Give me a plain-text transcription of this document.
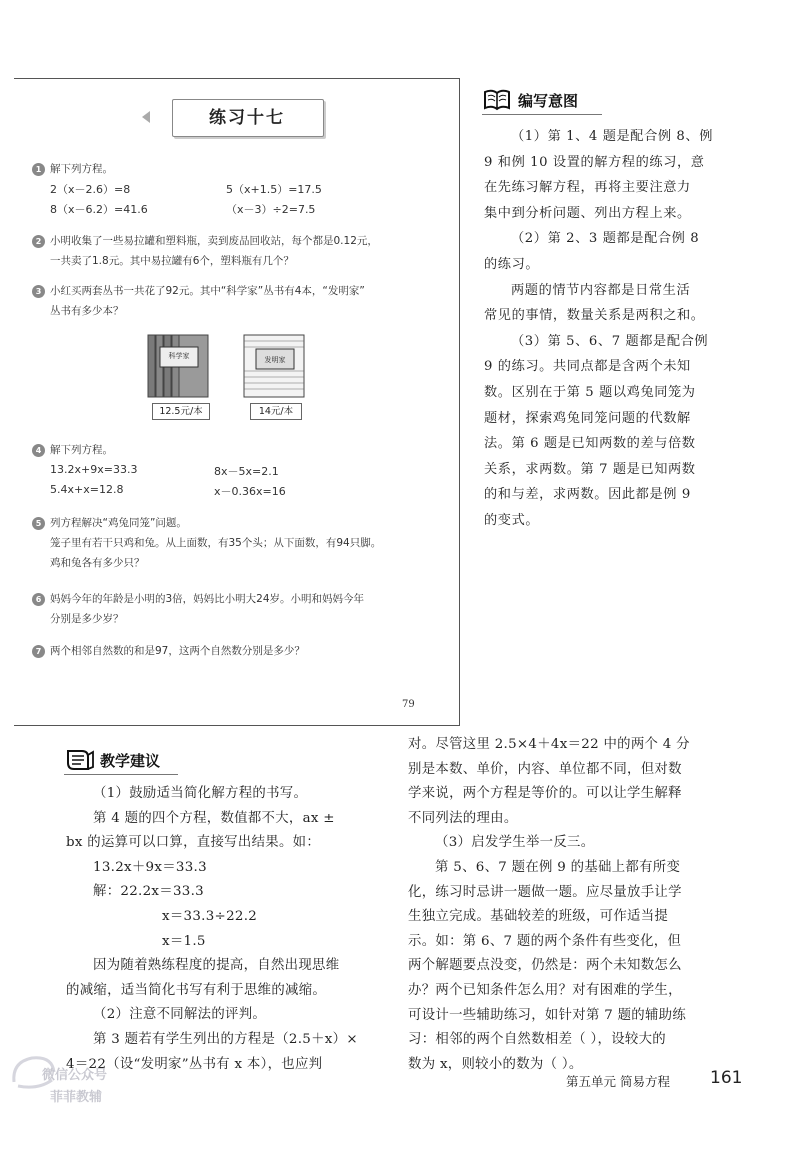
练习十七
1 解下列方程。
2（x－2.6）=8	5（x+1.5）=17.5
8（x－6.2）=41.6	（x－3）÷2=7.5
2 小明收集了一些易拉罐和塑料瓶，卖到废品回收站，每个都是0.12元，
一共卖了1.8元。其中易拉罐有6个，塑料瓶有几个？
3 小红买两套丛书一共花了92元。其中“科学家”丛书有4本，“发明家”
丛书有多少本？
科学家
12.5元/本
发明家
14元/本
4 解下列方程。
13.2x+9x=33.3	8x－5x=2.1
5.4x+x=12.8	x－0.36x=16
5 列方程解决“鸡兔同笼”问题。
笼子里有若干只鸡和兔。从上面数，有35个头；从下面数，有94只脚。
鸡和兔各有多少只？
6 妈妈今年的年龄是小明的3倍，妈妈比小明大24岁。小明和妈妈今年
分别是多少岁？
7 两个相邻自然数的和是97，这两个自然数分别是多少？
79
编写意图
（1）第 1、4 题是配合例 8、例
9 和例 10 设置的解方程的练习，意
在先练习解方程，再将主要注意力
集中到分析问题、列出方程上来。
（2）第 2、3 题都是配合例 8
的练习。
两题的情节内容都是日常生活
常见的事情，数量关系是两积之和。
（3）第 5、6、7 题都是配合例
9 的练习。共同点都是含两个未知
数。区别在于第 5 题以鸡兔同笼为
题材，探索鸡兔同笼问题的代数解
法。第 6 题是已知两数的差与倍数
关系，求两数。第 7 题是已知两数
的和与差，求两数。因此都是例 9
的变式。
教学建议
（1）鼓励适当简化解方程的书写。
第 4 题的四个方程，数值都不大，ax ±
bx 的运算可以口算，直接写出结果。如：
13.2x＋9x＝33.3
解：22.2x＝33.3
x＝33.3÷22.2
x＝1.5
因为随着熟练程度的提高，自然出现思维
的减缩，适当简化书写有利于思维的减缩。
（2）注意不同解法的评判。
第 3 题若有学生列出的方程是（2.5＋x）×
4＝22（设“发明家”丛书有 x 本），也应判
对。尽管这里 2.5×4＋4x＝22 中的两个 4 分
别是本数、单价，内容、单位都不同，但对数
学来说，两个方程是等价的。可以让学生解释
不同列法的理由。
（3）启发学生举一反三。
第 5、6、7 题在例 9 的基础上都有所变
化，练习时忌讲一题做一题。应尽量放手让学
生独立完成。基础较差的班级，可作适当提
示。如：第 6、7 题的两个条件有些变化，但
两个解题要点没变，仍然是：两个未知数怎么
办？两个已知条件怎么用？对有困难的学生，
可设计一些辅助练习，如针对第 7 题的辅助练
习：相邻的两个自然数相差（ ），设较大的
数为 x，则较小的数为（ ）。
微信公众号
菲菲教辅
第五单元 简易方程 161
